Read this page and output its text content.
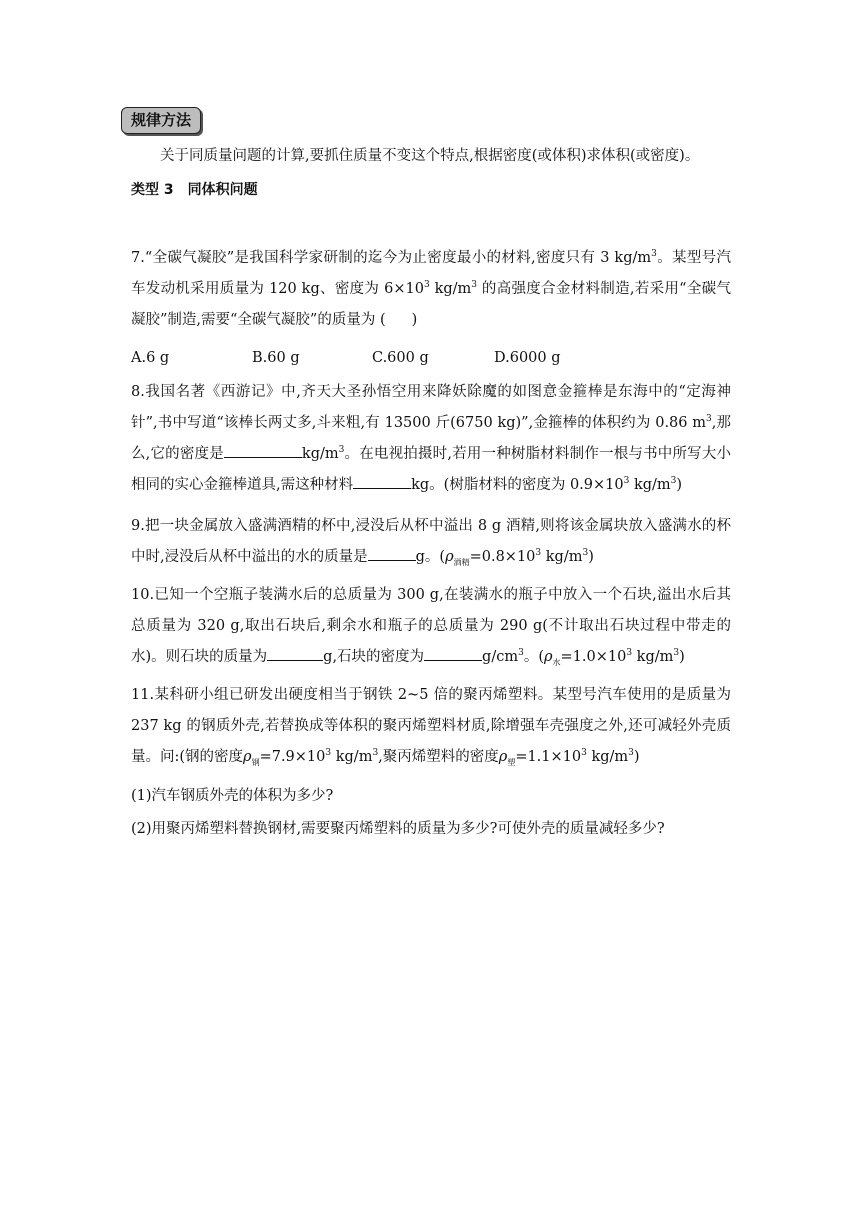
规律方法
关于同质量问题的计算,要抓住质量不变这个特点,根据密度(或体积)求体积(或密度)。
类型 3　同体积问题
7.“全碳气凝胶”是我国科学家研制的迄今为止密度最小的材料,密度只有 3 $kg/m^3$。某型号汽车发动机采用质量为 120 kg、密度为 $6\times 10^3$ $kg/m^3$ 的高强度合金材料制造,若采用“全碳气凝胶”制造,需要“全碳气凝胶”的质量为 ( )
A.6 g	B.60 g	C.600 g	D.6000 g
8.我国名著《西游记》中,齐天大圣孙悟空用来降妖除魔的如图意金箍棒是东海中的“定海神针”,书中写道“该棒长两丈多,斗来粗,有 13500 斤(6750 kg)”,金箍棒的体积约为 0.86 $m^3$,那么,它的密度是	$kg/m^3$。在电视拍摄时,若用一种树脂材料制作一根与书中所写大小相同的实心金箍棒道具,需这种材料	kg。(树脂材料的密度为 $0.9\times 10^3$ $kg/m^3$)
9.把一块金属放入盛满酒精的杯中,浸没后从杯中溢出 8 g 酒精,则将该金属块放入盛满水的杯中时,浸没后从杯中溢出的水的质量是	g。($\rho_{酒精}=0.8\times 10^3$ $kg/m^3$)
10.已知一个空瓶子装满水后的总质量为 300 g,在装满水的瓶子中放入一个石块,溢出水后其总质量为 320 g,取出石块后,剩余水和瓶子的总质量为 290 g(不计取出石块过程中带走的水)。则石块的质量为	g,石块的密度为	$g/cm^3$。($\rho_水=1.0\times 10^3$ $kg/m^3$)
11.某科研小组已研发出硬度相当于钢铁 2~5 倍的聚丙烯塑料。某型号汽车使用的是质量为 237 kg 的钢质外壳,若替换成等体积的聚丙烯塑料材质,除增强车壳强度之外,还可减轻外壳质量。问:(钢的密度$\rho_钢=7.9\times 10^3$ $kg/m^3$,聚丙烯塑料的密度$\rho_塑=1.1\times 10^3$ $kg/m^3$)
(1)汽车钢质外壳的体积为多少?
(2)用聚丙烯塑料替换钢材,需要聚丙烯塑料的质量为多少?可使外壳的质量减轻多少?
